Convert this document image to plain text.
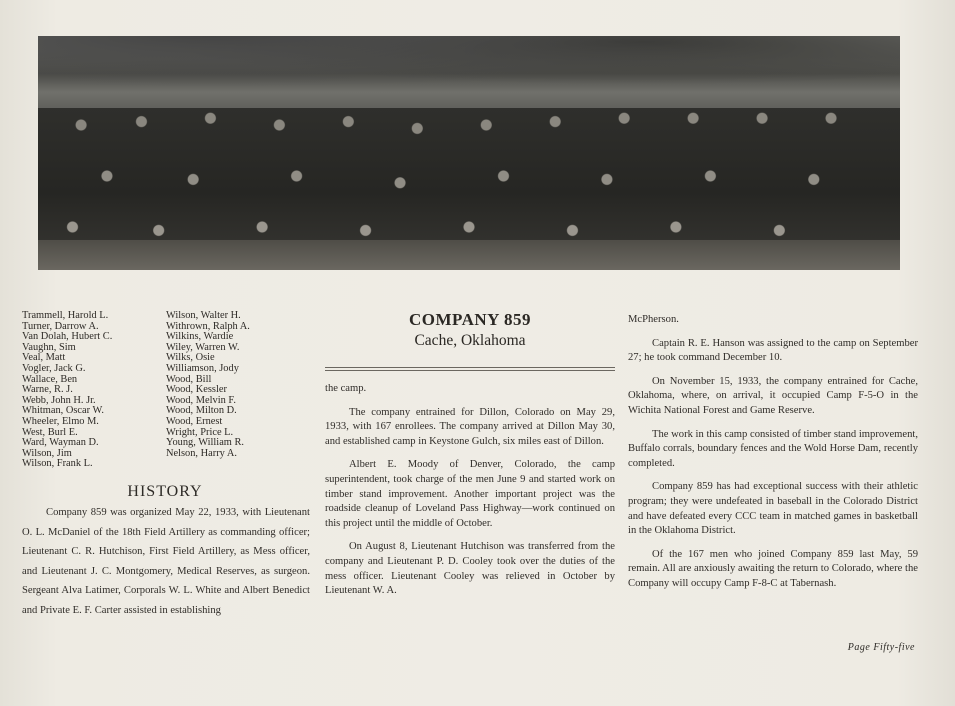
Trammell, Harold L.
Turner, Darrow A.
Van Dolah, Hubert C.
Vaughn, Sim
Veal, Matt
Vogler, Jack G.
Wallace, Ben
Warne, R. J.
Webb, John H. Jr.
Whitman, Oscar W.
Wheeler, Elmo M.
West, Burl E.
Ward, Wayman D.
Wilson, Jim
Wilson, Frank L.
Wilson, Walter H.
Withrown, Ralph A.
Wilkins, Wardie
Wiley, Warren W.
Wilks, Osie
Williamson, Jody
Wood, Bill
Wood, Kessler
Wood, Melvin F.
Wood, Milton D.
Wood, Ernest
Wright, Price L.
Young, William R.
Nelson, Harry A.
HISTORY

Company 859 was organized May 22, 1933, with Lieutenant O. L. McDaniel of the 18th Field Artillery as commanding officer; Lieutenant C. R. Hutchison, First Field Artillery, as Mess officer, and Lieutenant J. C. Montgomery, Medical Reserves, as surgeon. Sergeant Alva Latimer, Corporals W. L. White and Albert Benedict and Private E. F. Carter assisted in establishing

COMPANY 859
Cache, Oklahoma

the camp.

The company entrained for Dillon, Colorado on May 29, 1933, with 167 enrollees. The company arrived at Dillon May 30, and established camp in Keystone Gulch, six miles east of Dillon.

Albert E. Moody of Denver, Colorado, the camp superintendent, took charge of the men June 9 and started work on timber stand improvement. Another important project was the roadside cleanup of Loveland Pass Highway—work continued on this project until the middle of October.

On August 8, Lieutenant Hutchison was transferred from the company and Lieutenant P. D. Cooley took over the duties of the mess officer. Lieutenant Cooley was relieved in October by Lieutenant W. A.

McPherson.

Captain R. E. Hanson was assigned to the camp on September 27; he took command December 10.

On November 15, 1933, the company entrained for Cache, Oklahoma, where, on arrival, it occupied Camp F-5-O in the Wichita National Forest and Game Reserve.

The work in this camp consisted of timber stand improvement, Buffalo corrals, boundary fences and the Wold Horse Dam, recently completed.

Company 859 has had exceptional success with their athletic program; they were undefeated in baseball in the Colorado District and have defeated every CCC team in matched games in basketball in the Oklahoma District.

Of the 167 men who joined Company 859 last May, 59 remain. All are anxiously awaiting the return to Colorado, where the Company will occupy Camp F-8-C at Tabernash.

Page Fifty-five
